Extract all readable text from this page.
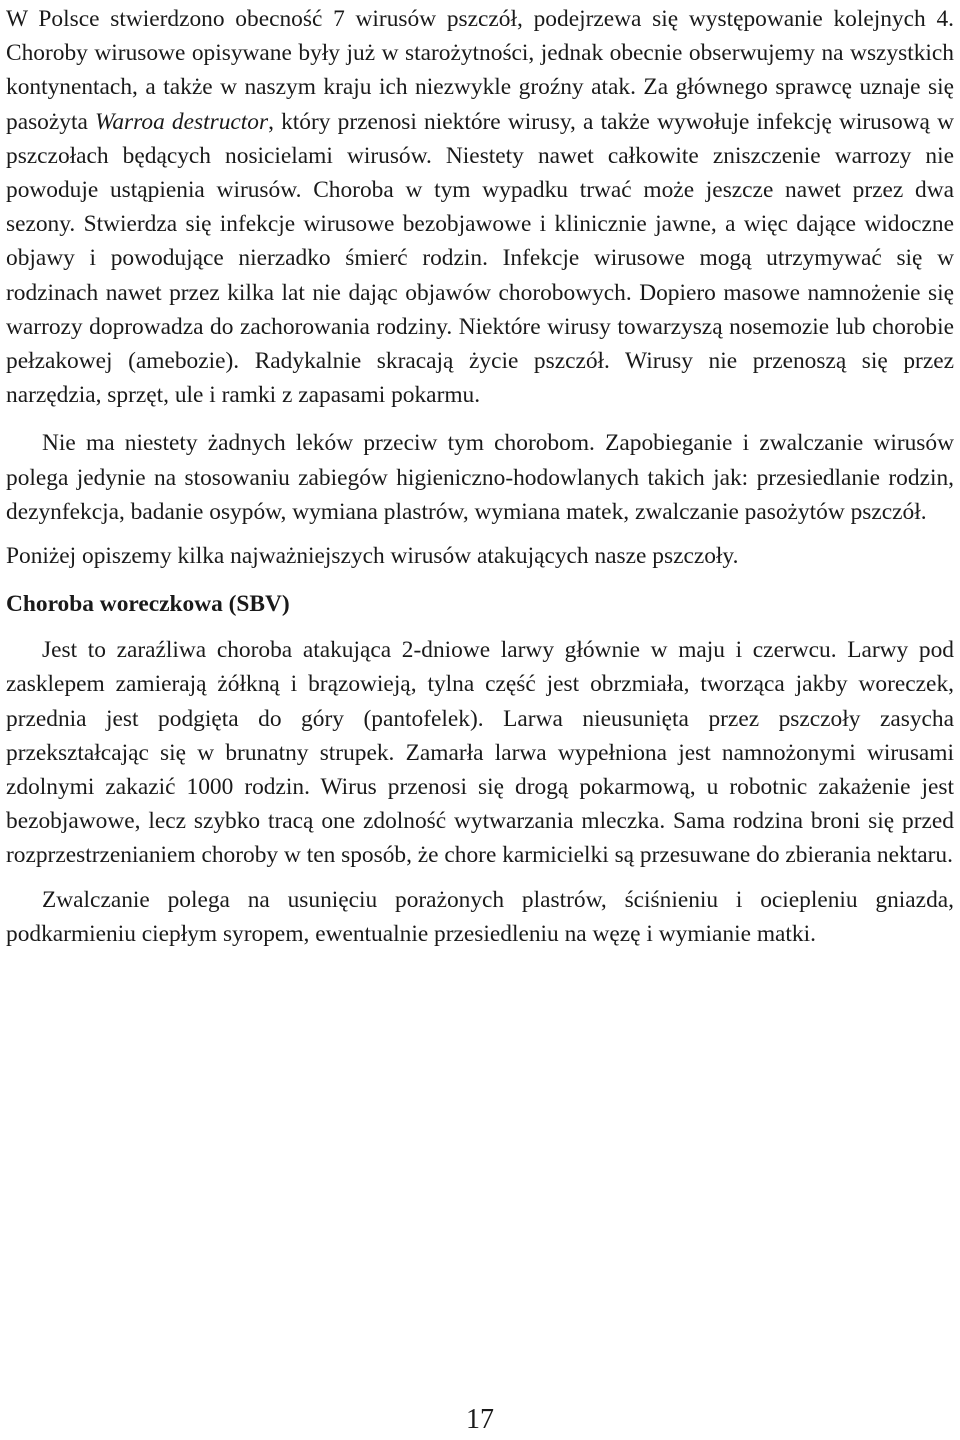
W Polsce stwierdzono obecność 7 wirusów pszczół, podejrzewa się występowanie kolejnych 4. Choroby wirusowe opisywane były już w starożytności, jednak obecnie obserwujemy na wszystkich kontynentach, a także w naszym kraju ich niezwykle groźny atak. Za głównego sprawcę uznaje się pasożyta Warroa destructor, który przenosi niektóre wirusy, a także wywołuje infekcję wirusową w pszczołach będących nosicielami wirusów. Niestety nawet całkowite zniszczenie warrozy nie powoduje ustąpienia wirusów. Choroba w tym wypadku trwać może jeszcze nawet przez dwa sezony. Stwierdza się infekcje wirusowe bezobjawowe i klinicznie jawne, a więc dające widoczne objawy i powodujące nierzadko śmierć rodzin. Infekcje wirusowe mogą utrzymywać się w rodzinach nawet przez kilka lat nie dając objawów chorobowych. Dopiero masowe namnożenie się warrozy doprowadza do zachorowania rodziny. Niektóre wirusy towarzyszą nosemozie lub chorobie pełzakowej (amebozie). Radykalnie skracają życie pszczół. Wirusy nie przenoszą się przez narzędzia, sprzęt, ule i ramki z zapasami pokarmu.

Nie ma niestety żadnych leków przeciw tym chorobom. Zapobieganie i zwalczanie wirusów polega jedynie na stosowaniu zabiegów higieniczno-hodowlanych takich jak: przesiedlanie rodzin, dezynfekcja, badanie osypów, wymiana plastrów, wymiana matek, zwalczanie pasożytów pszczół.

Poniżej opiszemy kilka najważniejszych wirusów atakujących nasze pszczoły.

Choroba woreczkowa (SBV)

Jest to zaraźliwa choroba atakująca 2-dniowe larwy głównie w maju i czerwcu. Larwy pod zasklepem zamierają żółkną i brązowieją, tylna część jest obrzmiała, tworząca jakby woreczek, przednia jest podgięta do góry (pantofelek). Larwa nieusunięta przez pszczoły zasycha przekształcając się w brunatny strupek. Zamarła larwa wypełniona jest namnożonymi wirusami zdolnymi zakazić 1000 rodzin. Wirus przenosi się drogą pokarmową, u robotnic zakażenie jest bezobjawowe, lecz szybko tracą one zdolność wytwarzania mleczka. Sama rodzina broni się przed rozprzestrzenianiem choroby w ten sposób, że chore karmicielki są przesuwane do zbierania nektaru.

Zwalczanie polega na usunięciu porażonych plastrów, ściśnieniu i ociepleniu gniazda, podkarmieniu ciepłym syropem, ewentualnie przesiedleniu na węzę i wymianie matki.

17
